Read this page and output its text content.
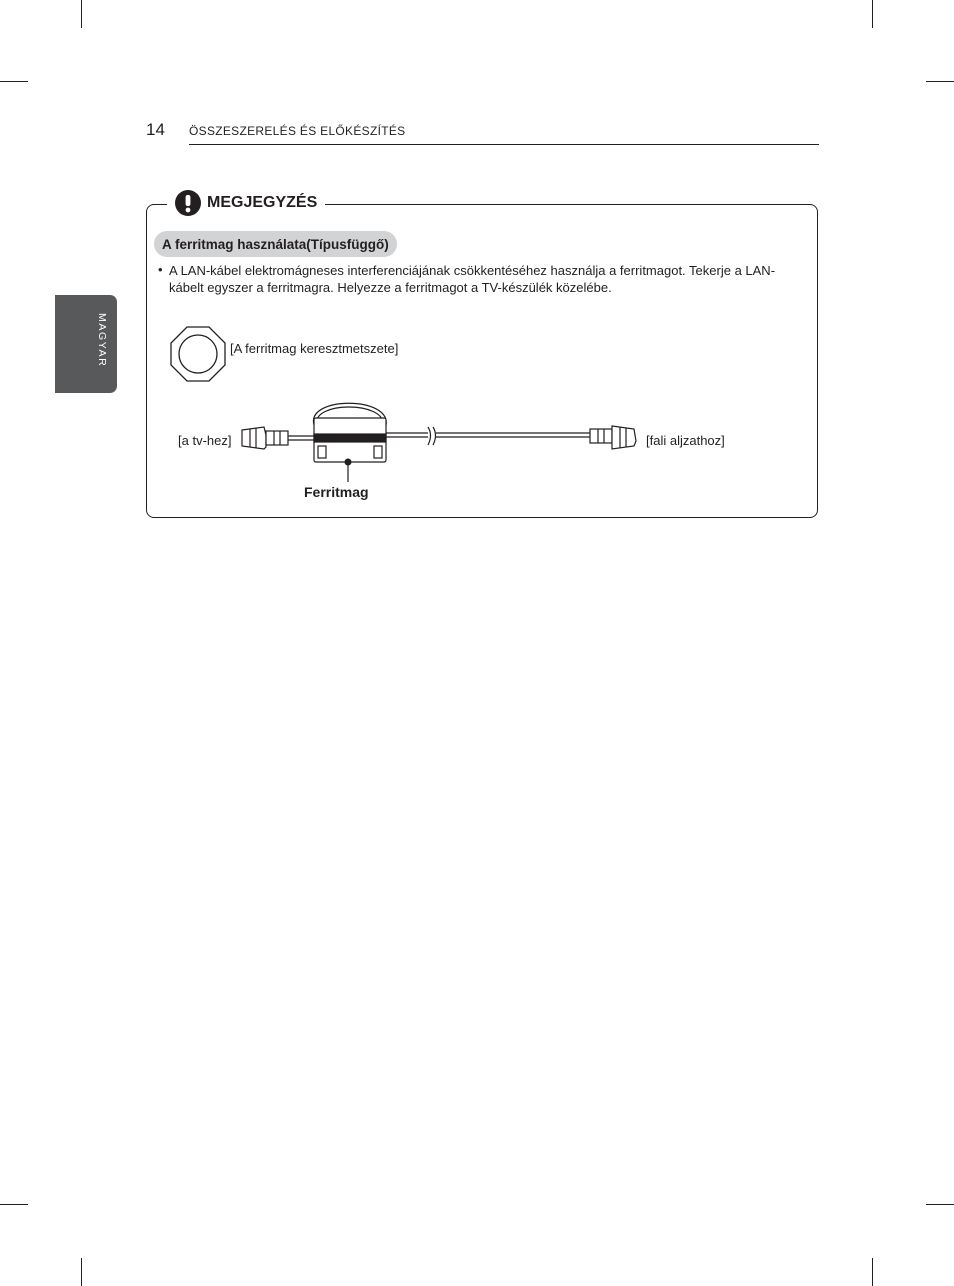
14 ÖSSZESZERELÉS ÉS ELŐKÉSZÍTÉS
MAGYAR
MEGJEGYZÉS
A ferritmag használata(Típusfüggő)
• A LAN-kábel elektromágneses interferenciájának csökkentéséhez használja a ferritmagot. Tekerje a LAN-kábelt egyszer a ferritmagra. Helyezze a ferritmagot a TV-készülék közelébe.

[A ferritmag keresztmetszete]
[a tv-hez]	[fali aljzathoz]
Ferritmag
